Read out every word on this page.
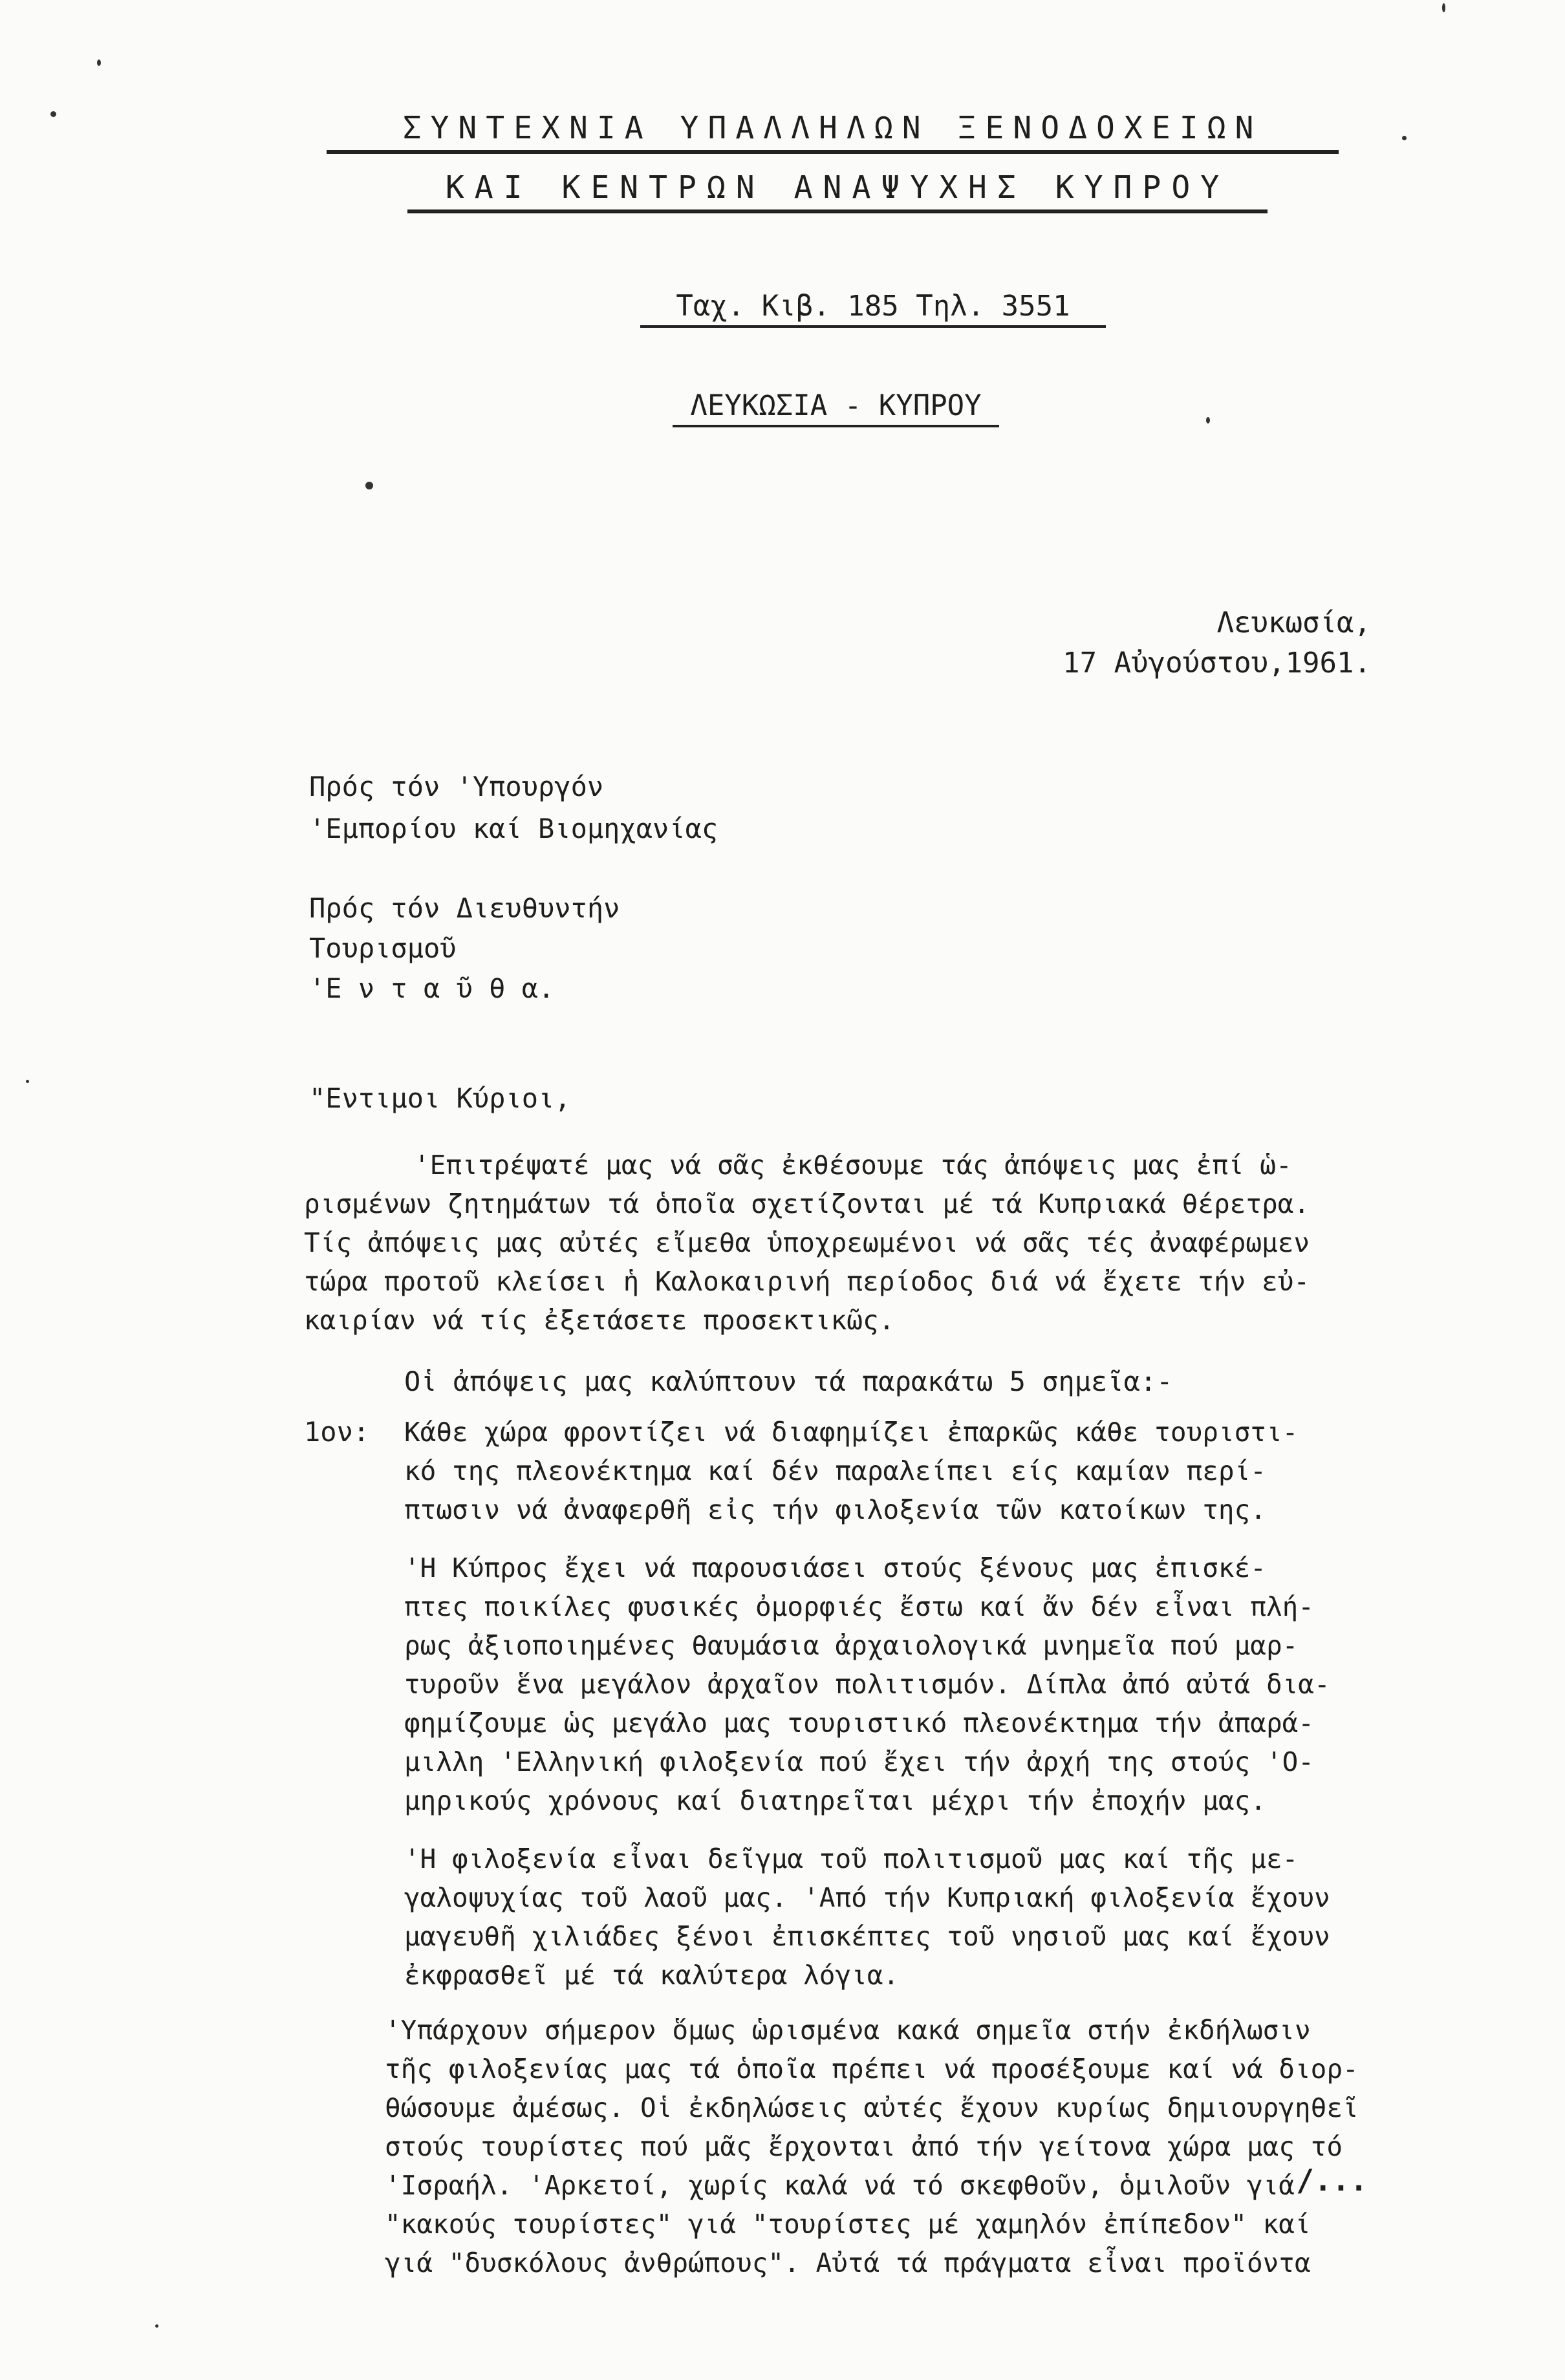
ΣΥΝΤΕΧΝΙΑ ΥΠΑΛΛΗΛΩΝ ΞΕΝΟΔΟΧΕΙΩΝ
ΚΑΙ ΚΕΝΤΡΩΝ ΑΝΑΨΥΧΗΣ ΚΥΠΡΟΥ
Ταχ. Κιβ. 185 Τηλ. 3551
ΛΕΥΚΩΣΙΑ - ΚΥΠΡΟΥ
Λευκωσία,
17 Αὐγούστου,1961.
Πρός τόν 'Υπουργόν
'Εμπορίου καί Βιομηχανίας
Πρός τόν Διευθυντήν
Τουρισμοῦ
'Ε ν τ α ῦ θ α.
"Εντιμοι Κύριοι,
'Επιτρέψατέ μας νά σᾶς ἐκθέσουμε τάς ἀπόψεις μας ἐπί ὡ-
ρισμένων ζητημάτων τά ὁποῖα σχετίζονται μέ τά Κυπριακά θέρετρα.
Τίς ἀπόψεις μας αὐτές εἴμεθα ὑποχρεωμένοι νά σᾶς τές ἀναφέρωμεν
τώρα προτοῦ κλείσει ἡ Καλοκαιρινή περίοδος διά νά ἔχετε τήν εὐ-
καιρίαν νά τίς ἐξετάσετε προσεκτικῶς.
Οἱ ἀπόψεις μας καλύπτουν τά παρακάτω 5 σημεῖα:-
1ον: Κάθε χώρα φροντίζει νά διαφημίζει ἐπαρκῶς κάθε τουριστι-
κό της πλεονέκτημα καί δέν παραλείπει είς καμίαν περί-
πτωσιν νά ἀναφερθῆ εἰς τήν φιλοξενία τῶν κατοίκων της.
'Η Κύπρος ἔχει νά παρουσιάσει στούς ξένους μας ἐπισκέ-
πτες ποικίλες φυσικές ὀμορφιές ἔστω καί ἄν δέν εἶναι πλή-
ρως ἀξιοποιημένες θαυμάσια ἀρχαιολογικά μνημεῖα πού μαρ-
τυροῦν ἕνα μεγάλον ἀρχαῖον πολιτισμόν. Δίπλα ἀπό αὐτά δια-
φημίζουμε ὡς μεγάλο μας τουριστικό πλεονέκτημα τήν ἀπαρά-
μιλλη 'Ελληνική φιλοξενία πού ἔχει τήν ἀρχή της στούς 'Ο-
μηρικούς χρόνους καί διατηρεῖται μέχρι τήν ἐποχήν μας.
'Η φιλοξενία εἶναι δεῖγμα τοῦ πολιτισμοῦ μας καί τῆς με-
γαλοψυχίας τοῦ λαοῦ μας. 'Από τήν Κυπριακή φιλοξενία ἔχουν
μαγευθῆ χιλιάδες ξένοι ἐπισκέπτες τοῦ νησιοῦ μας καί ἔχουν
ἐκφρασθεῖ μέ τά καλύτερα λόγια.
'Υπάρχουν σήμερον ὅμως ὡρισμένα κακά σημεῖα στήν ἐκδήλωσιν
τῆς φιλοξενίας μας τά ὁποῖα πρέπει νά προσέξουμε καί νά διορ-
θώσουμε ἀμέσως. Οἱ ἐκδηλώσεις αὐτές ἔχουν κυρίως δημιουργηθεῖ
στούς τουρίστες πού μᾶς ἔρχονται ἀπό τήν γείτονα χώρα μας τό
'Ισραήλ. 'Αρκετοί, χωρίς καλά νά τό σκεφθοῦν, ὁμιλοῦν γιά
"κακούς τουρίστες" γιά "τουρίστες μέ χαμηλόν ἐπίπεδον" καί
γιά "δυσκόλους ἀνθρώπους". Αὐτά τά πράγματα εἶναι προϊόντα
/...
